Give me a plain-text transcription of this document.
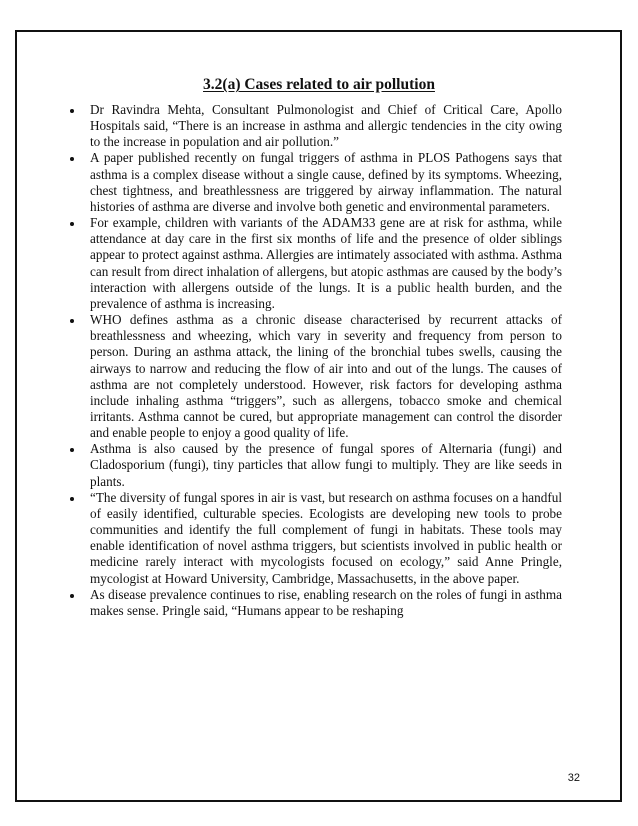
3.2(a) Cases related to air pollution
Dr Ravindra Mehta, Consultant Pulmonologist and Chief of Critical Care, Apollo Hospitals said, “There is an increase in asthma and allergic tendencies in the city owing to the increase in population and air pollution.”
A paper published recently on fungal triggers of asthma in PLOS Pathogens says that asthma is a complex disease without a single cause, defined by its symptoms. Wheezing, chest tightness, and breathlessness are triggered by airway inflammation. The natural histories of asthma are diverse and involve both genetic and environmental parameters.
For example, children with variants of the ADAM33 gene are at risk for asthma, while attendance at day care in the first six months of life and the presence of older siblings appear to protect against asthma. Allergies are intimately associated with asthma. Asthma can result from direct inhalation of allergens, but atopic asthmas are caused by the body’s interaction with allergens outside of the lungs. It is a public health burden, and the prevalence of asthma is increasing.
WHO defines asthma as a chronic disease characterised by recurrent attacks of breathlessness and wheezing, which vary in severity and frequency from person to person. During an asthma attack, the lining of the bronchial tubes swells, causing the airways to narrow and reducing the flow of air into and out of the lungs. The causes of asthma are not completely understood. However, risk factors for developing asthma include inhaling asthma “triggers”, such as allergens, tobacco smoke and chemical irritants. Asthma cannot be cured, but appropriate management can control the disorder and enable people to enjoy a good quality of life.
Asthma is also caused by the presence of fungal spores of Alternaria (fungi) and Cladosporium (fungi), tiny particles that allow fungi to multiply. They are like seeds in plants.
“The diversity of fungal spores in air is vast, but research on asthma focuses on a handful of easily identified, culturable species. Ecologists are developing new tools to probe communities and identify the full complement of fungi in habitats. These tools may enable identification of novel asthma triggers, but scientists involved in public health or medicine rarely interact with mycologists focused on ecology,” said Anne Pringle, mycologist at Howard University, Cambridge, Massachusetts, in the above paper.
As disease prevalence continues to rise, enabling research on the roles of fungi in asthma makes sense. Pringle said, “Humans appear to be reshaping
32
